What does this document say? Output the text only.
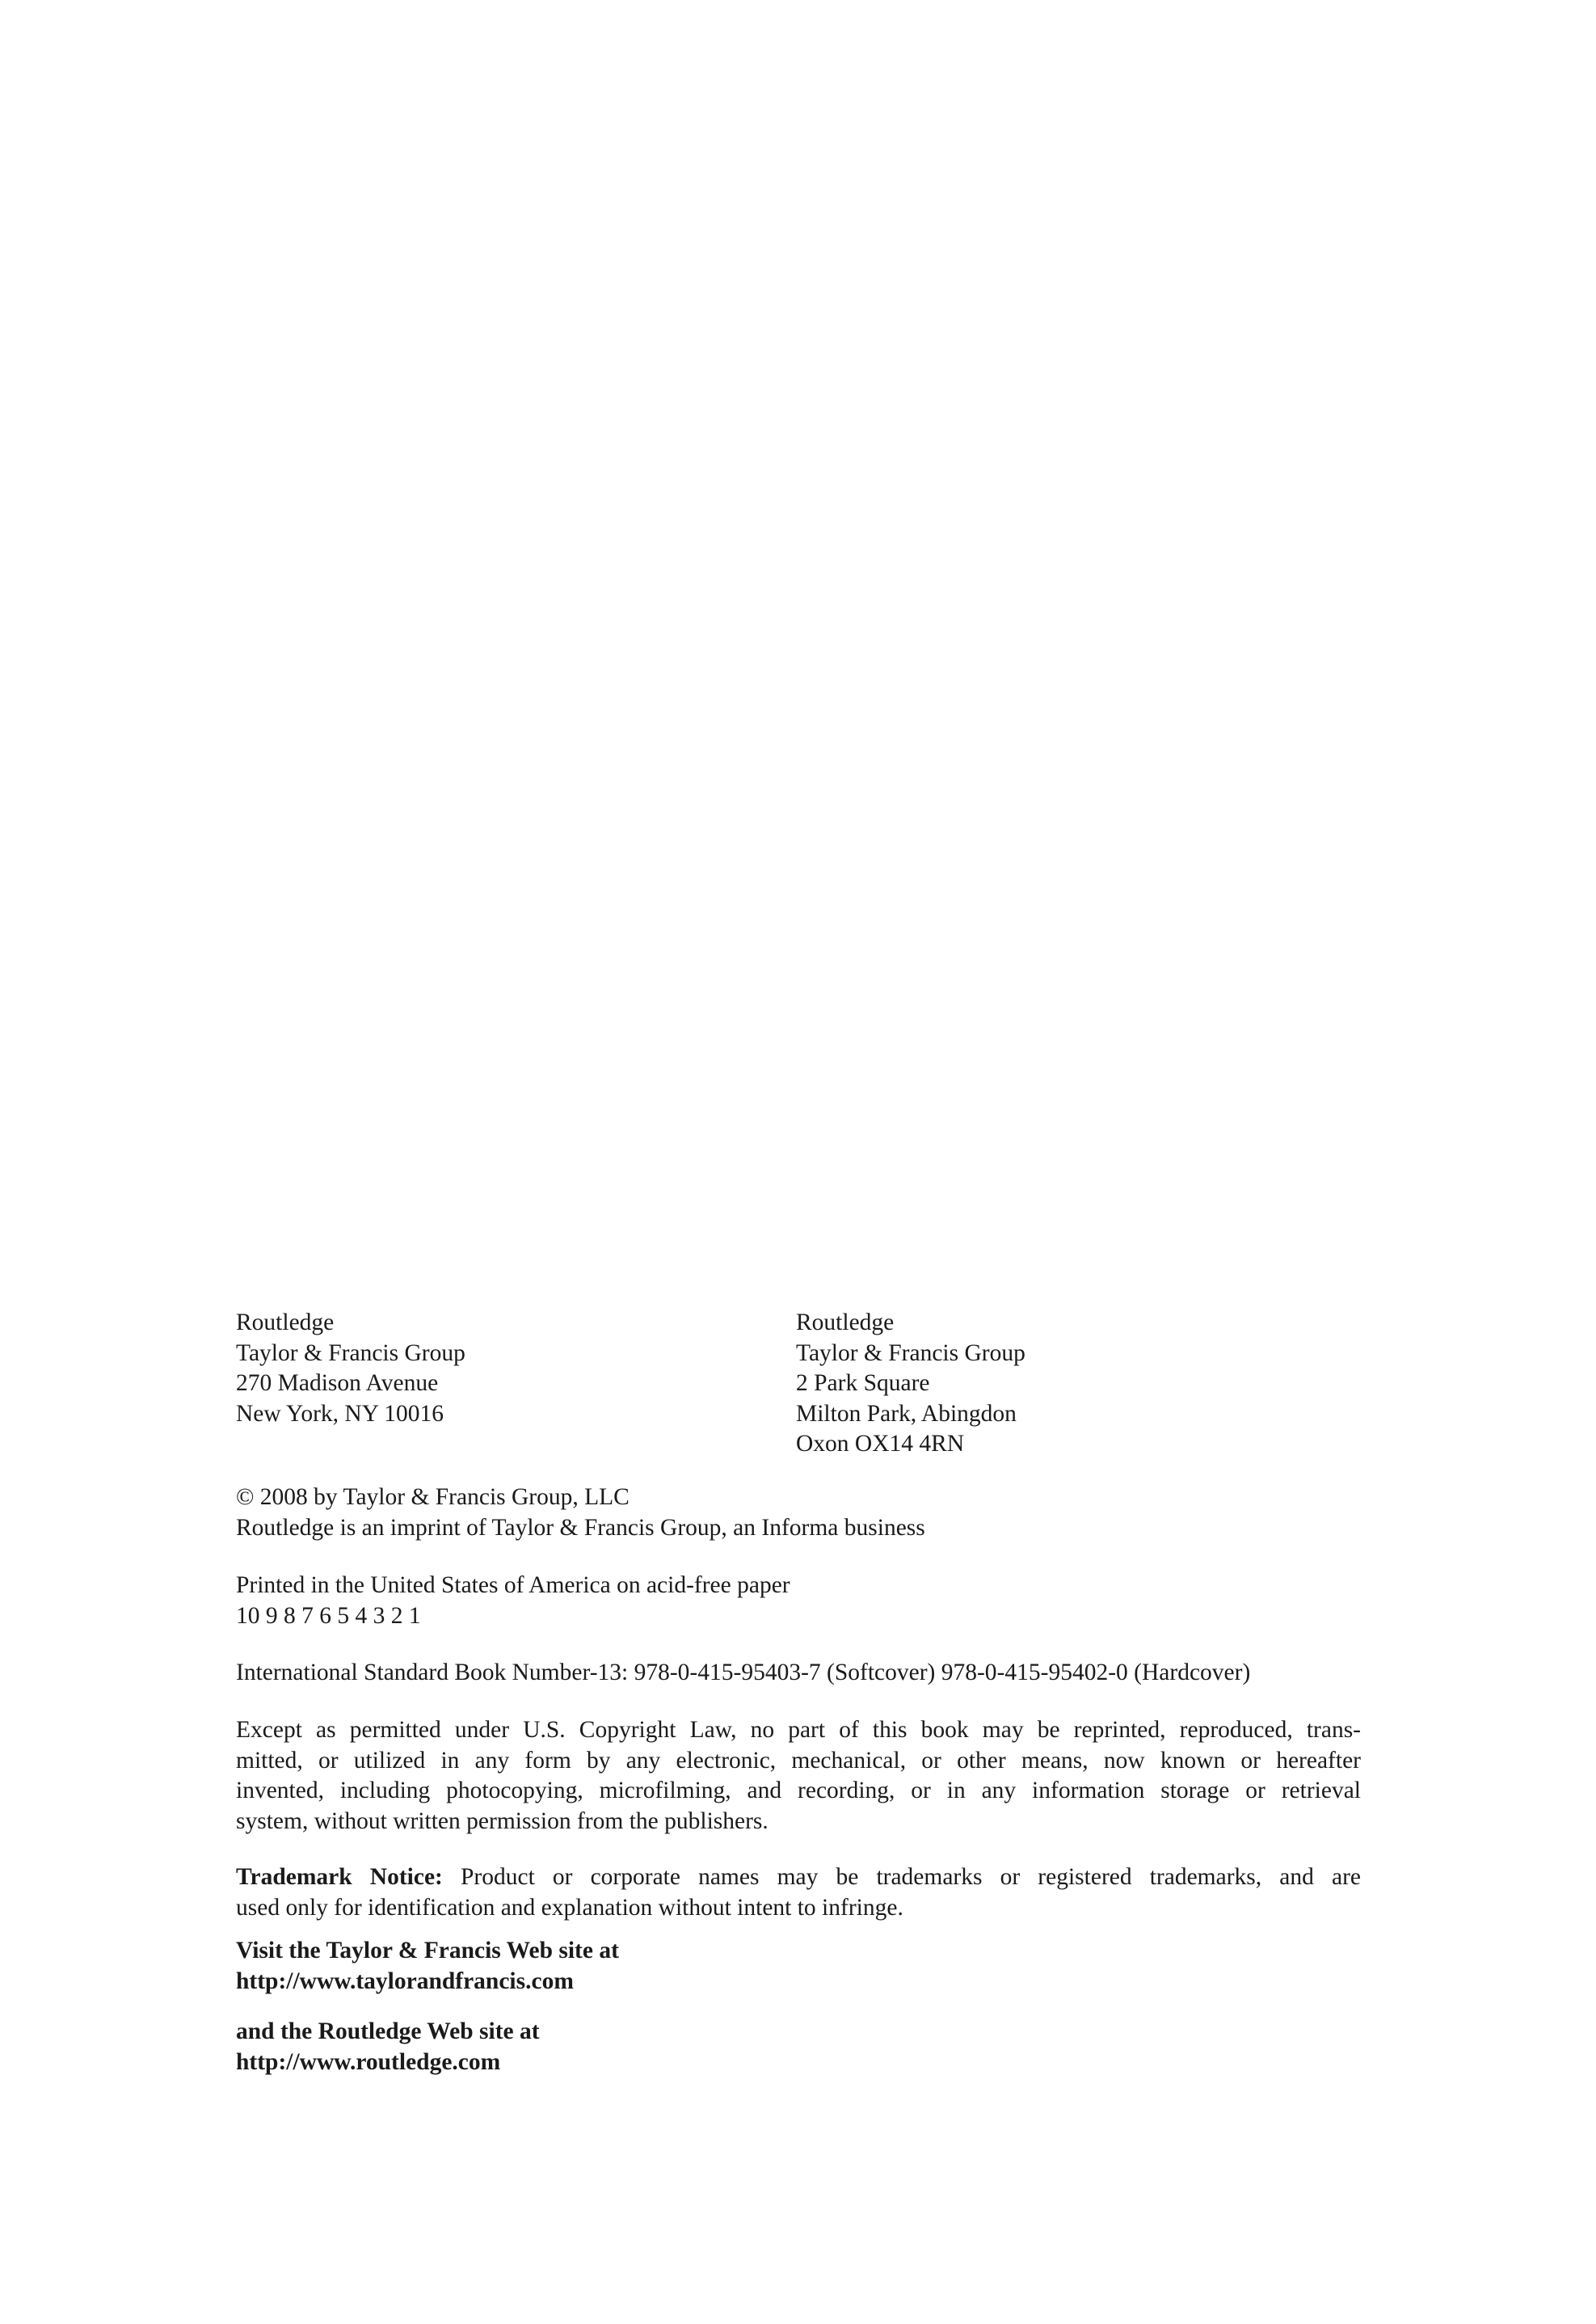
Routledge
Taylor & Francis Group
270 Madison Avenue
New York, NY 10016
Routledge
Taylor & Francis Group
2 Park Square
Milton Park, Abingdon
Oxon OX14 4RN
© 2008 by Taylor & Francis Group, LLC
Routledge is an imprint of Taylor & Francis Group, an Informa business
Printed in the United States of America on acid-free paper
10 9 8 7 6 5 4 3 2 1
International Standard Book Number-13: 978-0-415-95403-7 (Softcover) 978-0-415-95402-0 (Hardcover)
Except as permitted under U.S. Copyright Law, no part of this book may be reprinted, reproduced, trans-
mitted, or utilized in any form by any electronic, mechanical, or other means, now known or hereafter
invented, including photocopying, microfilming, and recording, or in any information storage or retrieval
system, without written permission from the publishers.
Trademark Notice: Product or corporate names may be trademarks or registered trademarks, and are
used only for identification and explanation without intent to infringe.
Visit the Taylor & Francis Web site at
http://www.taylorandfrancis.com
and the Routledge Web site at
http://www.routledge.com
